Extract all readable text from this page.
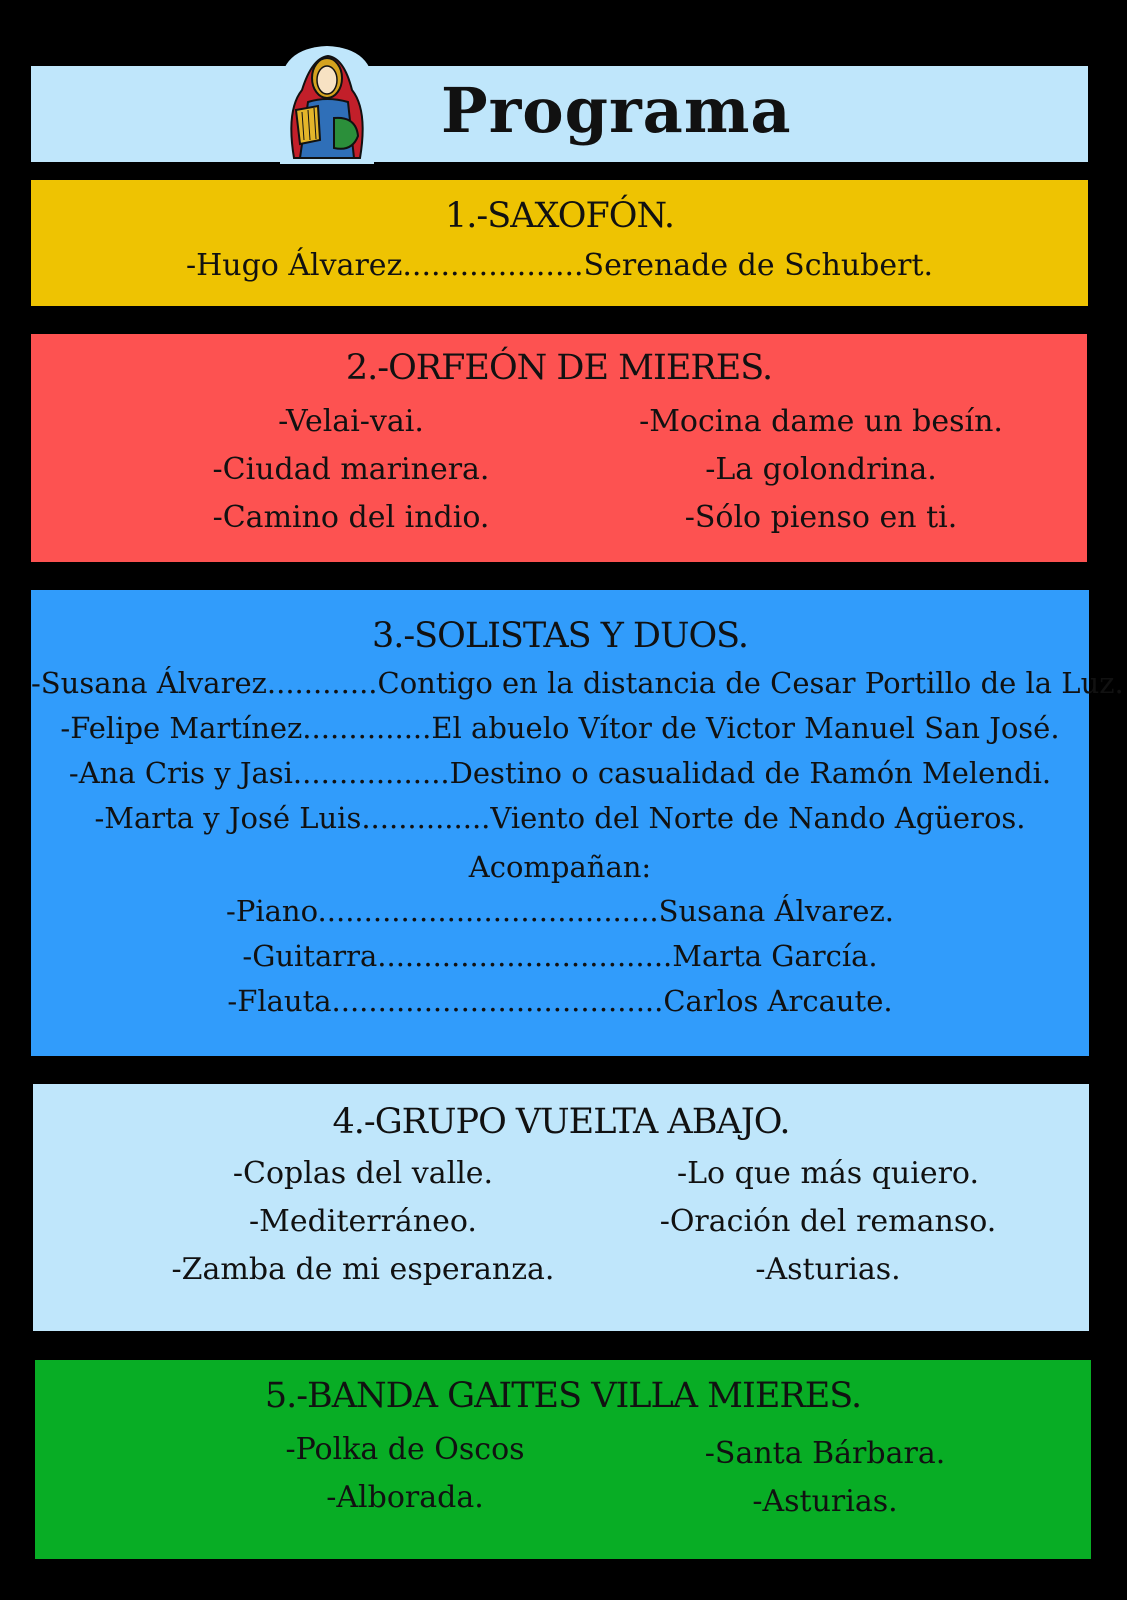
Programa
1.-SAXOFÓN.
-Hugo Álvarez...................Serenade de Schubert.
2.-ORFEÓN DE MIERES.
-Velai-vai.
-Ciudad marinera.
-Camino del indio.
-Mocina dame un besín.
-La golondrina.
-Sólo pienso en ti.
3.-SOLISTAS Y DUOS.
-Susana Álvarez............Contigo en la distancia de Cesar Portillo de la Luz.
-Felipe Martínez..............El abuelo Vítor de Victor Manuel San José.
-Ana Cris y Jasi.................Destino o casualidad de Ramón Melendi.
-Marta y José Luis..............Viento del Norte de Nando Agüeros.
Acompañan:
-Piano.....................................Susana Álvarez.
-Guitarra................................Marta García.
-Flauta....................................Carlos Arcaute.
4.-GRUPO VUELTA ABAJO.
-Coplas del valle.
-Mediterráneo.
-Zamba de mi esperanza.
-Lo que más quiero.
-Oración del remanso.
-Asturias.
5.-BANDA GAITES VILLA MIERES.
-Polka de Oscos
-Alborada.
-Santa Bárbara.
-Asturias.
